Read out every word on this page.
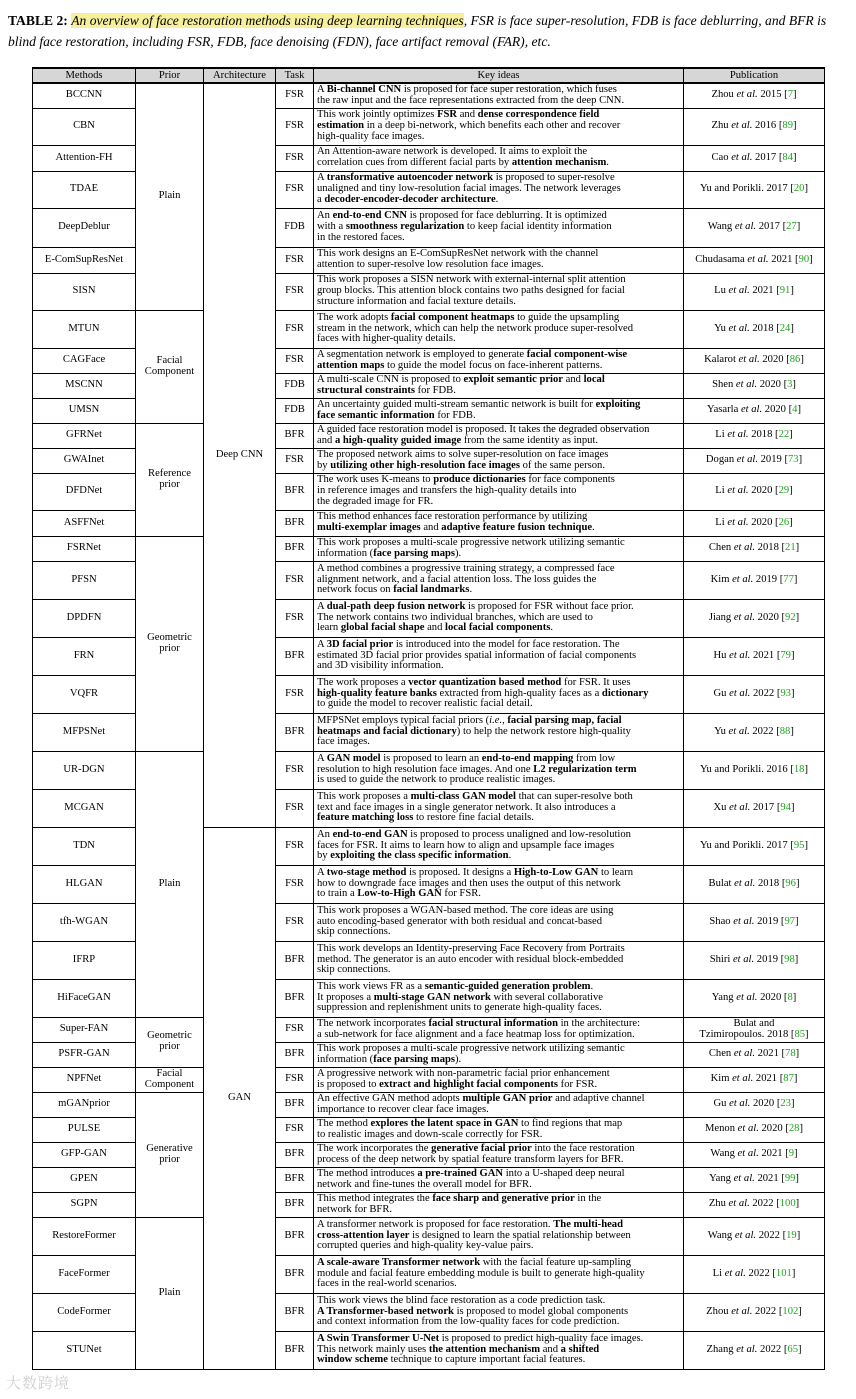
TABLE 2: An overview of face restoration methods using deep learning techniques, FSR is face super-resolution, FDB is face deblurring, and BFR is blind face restoration, including FSR, FDB, face denoising (FDN), face artifact removal (FAR), etc.
Methods	Prior	Architecture	Task	Key ideas	Publication
BCCNN	Plain	Deep CNN	FSR	A Bi-channel CNN is proposed for face super restoration, which fuses
the raw input and the face representations extracted from the deep CNN.	Zhou et al. 2015 [7]
CBN			FSR	This work jointly optimizes FSR and dense correspondence field
estimation in a deep bi-network, which benefits each other and recover
high-quality face images.	Zhu et al. 2016 [89]
Attention-FH			FSR	An Attention-aware network is developed. It aims to exploit the
correlation cues from different facial parts by attention mechanism.	Cao et al. 2017 [84]
TDAE			FSR	A transformative autoencoder network is proposed to super-resolve
unaligned and tiny low-resolution facial images. The network leverages
a decoder-encoder-decoder architecture.	Yu and Porikli. 2017 [20]
DeepDeblur			FDB	An end-to-end CNN is proposed for face deblurring. It is optimized
with a smoothness regularization to keep facial identity information
in the restored faces.	Wang et al. 2017 [27]
E-ComSupResNet			FSR	This work designs an E-ComSupResNet network with the channel
attention to super-resolve low resolution face images.	Chudasama et al. 2021 [90]
SISN			FSR	This work proposes a SISN network with external-internal split attention
group blocks. This attention block contains two paths designed for facial
structure information and facial texture details.	Lu et al. 2021 [91]
MTUN	Facial Component		FSR	The work adopts facial component heatmaps to guide the upsampling
stream in the network, which can help the network produce super-resolved
faces with higher-quality details.	Yu et al. 2018 [24]
CAGFace			FSR	A segmentation network is employed to generate facial component-wise
attention maps to guide the model focus on face-inherent patterns.	Kalarot et al. 2020 [86]
MSCNN			FDB	A multi-scale CNN is proposed to exploit semantic prior and local
structural constraints for FDB.	Shen et al. 2020 [3]
UMSN			FDB	An uncertainty guided multi-stream semantic network is built for exploiting
face semantic information for FDB.	Yasarla et al. 2020 [4]
GFRNet	Reference prior		BFR	A guided face restoration model is proposed. It takes the degraded observation
and a high-quality guided image from the same identity as input.	Li et al. 2018 [22]
GWAInet			FSR	The proposed network aims to solve super-resolution on face images
by utilizing other high-resolution face images of the same person.	Dogan et al. 2019 [73]
DFDNet			BFR	The work uses K-means to produce dictionaries for face components
in reference images and transfers the high-quality details into
the degraded image for FR.	Li et al. 2020 [29]
ASFFNet			BFR	This method enhances face restoration performance by utilizing
multi-exemplar images and adaptive feature fusion technique.	Li et al. 2020 [26]
FSRNet	Geometric prior		BFR	This work proposes a multi-scale progressive network utilizing semantic
information (face parsing maps).	Chen et al. 2018 [21]
PFSN			FSR	A method combines a progressive training strategy, a compressed face
alignment network, and a facial attention loss. The loss guides the
network focus on facial landmarks.	Kim et al. 2019 [77]
DPDFN			FSR	A dual-path deep fusion network is proposed for FSR without face prior.
The network contains two individual branches, which are used to
learn global facial shape and local facial components.	Jiang et al. 2020 [92]
FRN			BFR	A 3D facial prior is introduced into the model for face restoration. The
estimated 3D facial prior provides spatial information of facial components
and 3D visibility information.	Hu et al. 2021 [79]
VQFR			FSR	The work proposes a vector quantization based method for FSR. It uses
high-quality feature banks extracted from high-quality faces as a dictionary
to guide the model to recover realistic facial detail.	Gu et al. 2022 [93]
MFPSNet			BFR	MFPSNet employs typical facial priors (i.e., facial parsing map, facial
heatmaps and facial dictionary) to help the network restore high-quality
face images.	Yu et al. 2022 [88]
UR-DGN	Plain		FSR	A GAN model is proposed to learn an end-to-end mapping from low
resolution to high resolution face images. And one L2 regularization term
is used to guide the network to produce realistic images.	Yu and Porikli. 2016 [18]
MCGAN			FSR	This work proposes a multi-class GAN model that can super-resolve both
text and face images in a single generator network. It also introduces a
feature matching loss to restore fine facial details.	Xu et al. 2017 [94]
TDN		GAN	FSR	An end-to-end GAN is proposed to process unaligned and low-resolution
faces for FSR. It aims to learn how to align and upsample face images
by exploiting the class specific information.	Yu and Porikli. 2017 [95]
HLGAN			FSR	A two-stage method is proposed. It designs a High-to-Low GAN to learn
how to downgrade face images and then uses the output of this network
to train a Low-to-High GAN for FSR.	Bulat et al. 2018 [96]
tfh-WGAN			FSR	This work proposes a WGAN-based method. The core ideas are using
auto encoding-based generator with both residual and concat-based
skip connections.	Shao et al. 2019 [97]
IFRP			BFR	This work develops an Identity-preserving Face Recovery from Portraits
method. The generator is an auto encoder with residual block-embedded
skip connections.	Shiri et al. 2019 [98]
HiFaceGAN			BFR	This work views FR as a semantic-guided generation problem.
It proposes a multi-stage GAN network with several collaborative
suppression and replenishment units to generate high-quality faces.	Yang et al. 2020 [8]
Super-FAN	Geometric prior		FSR	The network incorporates facial structural information in the architecture:
a sub-network for face alignment and a face heatmap loss for optimization.	Bulat and
Tzimiropoulos. 2018 [85]
PSFR-GAN			BFR	This work proposes a multi-scale progressive network utilizing semantic
information (face parsing maps).	Chen et al. 2021 [78]
NPFNet	Facial Component		FSR	A progressive network with non-parametric facial prior enhancement
is proposed to extract and highlight facial components for FSR.	Kim et al. 2021 [87]
mGANprior	Generative prior		BFR	An effective GAN method adopts multiple GAN prior and adaptive channel
importance to recover clear face images.	Gu et al. 2020 [23]
PULSE			FSR	The method explores the latent space in GAN to find regions that map
to realistic images and down-scale correctly for FSR.	Menon et al. 2020 [28]
GFP-GAN			BFR	The work incorporates the generative facial prior into the face restoration
process of the deep network by spatial feature transform layers for BFR.	Wang et al. 2021 [9]
GPEN			BFR	The method introduces a pre-trained GAN into a U-shaped deep neural
network and fine-tunes the overall model for BFR.	Yang et al. 2021 [99]
SGPN			BFR	This method integrates the face sharp and generative prior in the
network for BFR.	Zhu et al. 2022 [100]
RestoreFormer	Plain		BFR	A transformer network is proposed for face restoration. The multi-head
cross-attention layer is designed to learn the spatial relationship between
corrupted queries and high-quality key-value pairs.	Wang et al. 2022 [19]
FaceFormer			BFR	A scale-aware Transformer network with the facial feature up-sampling
module and facial feature embedding module is built to generate high-quality
faces in the real-world scenarios.	Li et al. 2022 [101]
CodeFormer			BFR	This work views the blind face restoration as a code prediction task.
A Transformer-based network is proposed to model global components
and context information from the low-quality faces for code prediction.	Zhou et al. 2022 [102]
STUNet			BFR	A Swin Transformer U-Net is proposed to predict high-quality face images.
This network mainly uses the attention mechanism and a shifted
window scheme technique to capture important facial features.	Zhang et al. 2022 [65]
大数跨境
